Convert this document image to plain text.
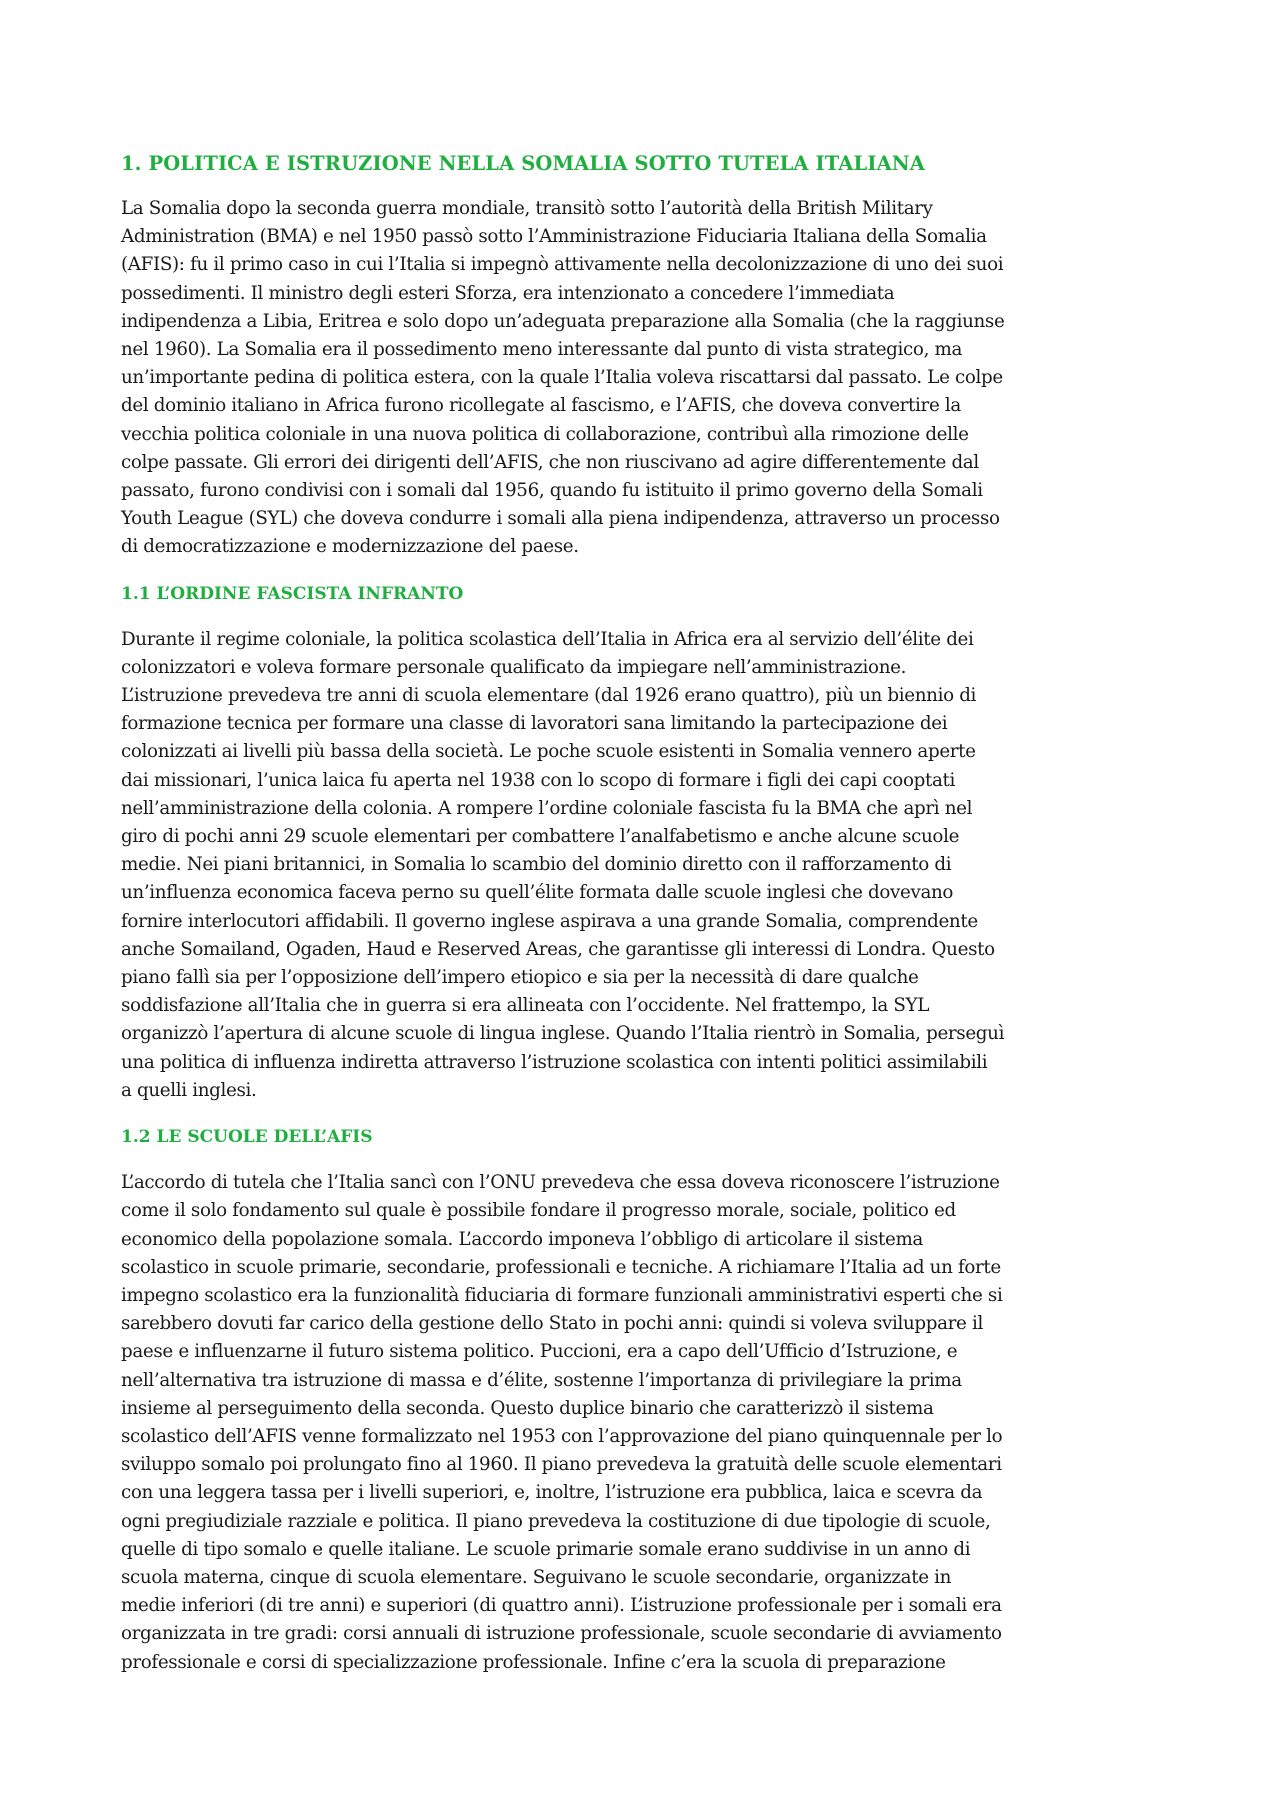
1. POLITICA E ISTRUZIONE NELLA SOMALIA SOTTO TUTELA ITALIANA
La Somalia dopo la seconda guerra mondiale, transitò sotto l’autorità della British Military
Administration (BMA) e nel 1950 passò sotto l’Amministrazione Fiduciaria Italiana della Somalia
(AFIS): fu il primo caso in cui l’Italia si impegnò attivamente nella decolonizzazione di uno dei suoi
possedimenti. Il ministro degli esteri Sforza, era intenzionato a concedere l’immediata
indipendenza a Libia, Eritrea e solo dopo un’adeguata preparazione alla Somalia (che la raggiunse
nel 1960). La Somalia era il possedimento meno interessante dal punto di vista strategico, ma
un’importante pedina di politica estera, con la quale l’Italia voleva riscattarsi dal passato. Le colpe
del dominio italiano in Africa furono ricollegate al fascismo, e l’AFIS, che doveva convertire la
vecchia politica coloniale in una nuova politica di collaborazione, contribuì alla rimozione delle
colpe passate. Gli errori dei dirigenti dell’AFIS, che non riuscivano ad agire differentemente dal
passato, furono condivisi con i somali dal 1956, quando fu istituito il primo governo della Somali
Youth League (SYL) che doveva condurre i somali alla piena indipendenza, attraverso un processo
di democratizzazione e modernizzazione del paese.
1.1 L’ORDINE FASCISTA INFRANTO
Durante il regime coloniale, la politica scolastica dell’Italia in Africa era al servizio dell’élite dei
colonizzatori e voleva formare personale qualificato da impiegare nell’amministrazione.
L’istruzione prevedeva tre anni di scuola elementare (dal 1926 erano quattro), più un biennio di
formazione tecnica per formare una classe di lavoratori sana limitando la partecipazione dei
colonizzati ai livelli più bassa della società. Le poche scuole esistenti in Somalia vennero aperte
dai missionari, l’unica laica fu aperta nel 1938 con lo scopo di formare i figli dei capi cooptati
nell’amministrazione della colonia. A rompere l’ordine coloniale fascista fu la BMA che aprì nel
giro di pochi anni 29 scuole elementari per combattere l’analfabetismo e anche alcune scuole
medie. Nei piani britannici, in Somalia lo scambio del dominio diretto con il rafforzamento di
un’influenza economica faceva perno su quell’élite formata dalle scuole inglesi che dovevano
fornire interlocutori affidabili. Il governo inglese aspirava a una grande Somalia, comprendente
anche Somailand, Ogaden, Haud e Reserved Areas, che garantisse gli interessi di Londra. Questo
piano fallì sia per l’opposizione dell’impero etiopico e sia per la necessità di dare qualche
soddisfazione all’Italia che in guerra si era allineata con l’occidente. Nel frattempo, la SYL
organizzò l’apertura di alcune scuole di lingua inglese. Quando l’Italia rientrò in Somalia, perseguì
una politica di influenza indiretta attraverso l’istruzione scolastica con intenti politici assimilabili
a quelli inglesi.
1.2 LE SCUOLE DELL’AFIS
L’accordo di tutela che l’Italia sancì con l’ONU prevedeva che essa doveva riconoscere l’istruzione
come il solo fondamento sul quale è possibile fondare il progresso morale, sociale, politico ed
economico della popolazione somala. L’accordo imponeva l’obbligo di articolare il sistema
scolastico in scuole primarie, secondarie, professionali e tecniche. A richiamare l’Italia ad un forte
impegno scolastico era la funzionalità fiduciaria di formare funzionali amministrativi esperti che si
sarebbero dovuti far carico della gestione dello Stato in pochi anni: quindi si voleva sviluppare il
paese e influenzarne il futuro sistema politico. Puccioni, era a capo dell’Ufficio d’Istruzione, e
nell’alternativa tra istruzione di massa e d’élite, sostenne l’importanza di privilegiare la prima
insieme al perseguimento della seconda. Questo duplice binario che caratterizzò il sistema
scolastico dell’AFIS venne formalizzato nel 1953 con l’approvazione del piano quinquennale per lo
sviluppo somalo poi prolungato fino al 1960. Il piano prevedeva la gratuità delle scuole elementari
con una leggera tassa per i livelli superiori, e, inoltre, l’istruzione era pubblica, laica e scevra da
ogni pregiudiziale razziale e politica. Il piano prevedeva la costituzione di due tipologie di scuole,
quelle di tipo somalo e quelle italiane. Le scuole primarie somale erano suddivise in un anno di
scuola materna, cinque di scuola elementare. Seguivano le scuole secondarie, organizzate in
medie inferiori (di tre anni) e superiori (di quattro anni). L’istruzione professionale per i somali era
organizzata in tre gradi: corsi annuali di istruzione professionale, scuole secondarie di avviamento
professionale e corsi di specializzazione professionale. Infine c’era la scuola di preparazione
